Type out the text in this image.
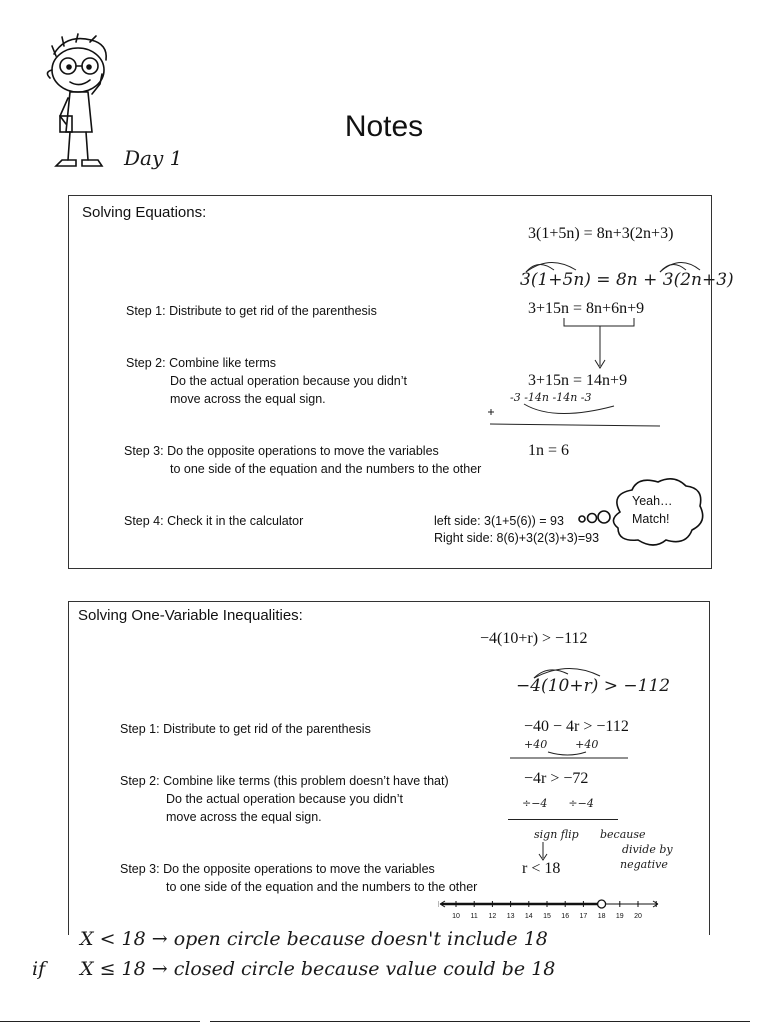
Day 1
Notes
Solving Equations:
3(1+5n) = 8n+3(2n+3)
3(1+5n) = 8n + 3(2n+3)
Step 1: Distribute to get rid of the parenthesis	3+15n = 8n+6n+9
Step 2: Combine like terms
Do the actual operation because you didn’t
move across the equal sign.
3+15n = 14n+9
-3 -14n -14n -3
Step 3: Do the opposite operations to move the variables
to one side of the equation and the numbers to the other
1n = 6
Step 4: Check it in the calculator	left side: 3(1+5(6)) = 93
Right side: 8(6)+3(2(3)+3)=93
Yeah…
Match!
Solving One-Variable Inequalities:
−4(10+r) > −112
−4(10+r) > −112
Step 1: Distribute to get rid of the parenthesis	−40 − 4r > −112
+40        +40
Step 2: Combine like terms (this problem doesn’t have that)
Do the actual operation because you didn’t
move across the equal sign.
−4r > −72
÷−4      ÷−4
sign flip because
divide by
negative
Step 3: Do the opposite operations to move the variables
to one side of the equation and the numbers to the other
r < 18
10 11 12 13 14 15 16 17 18 19 20
X < 18 → open circle because doesn't include 18
if X ≤ 18 → closed circle because value could be 18
